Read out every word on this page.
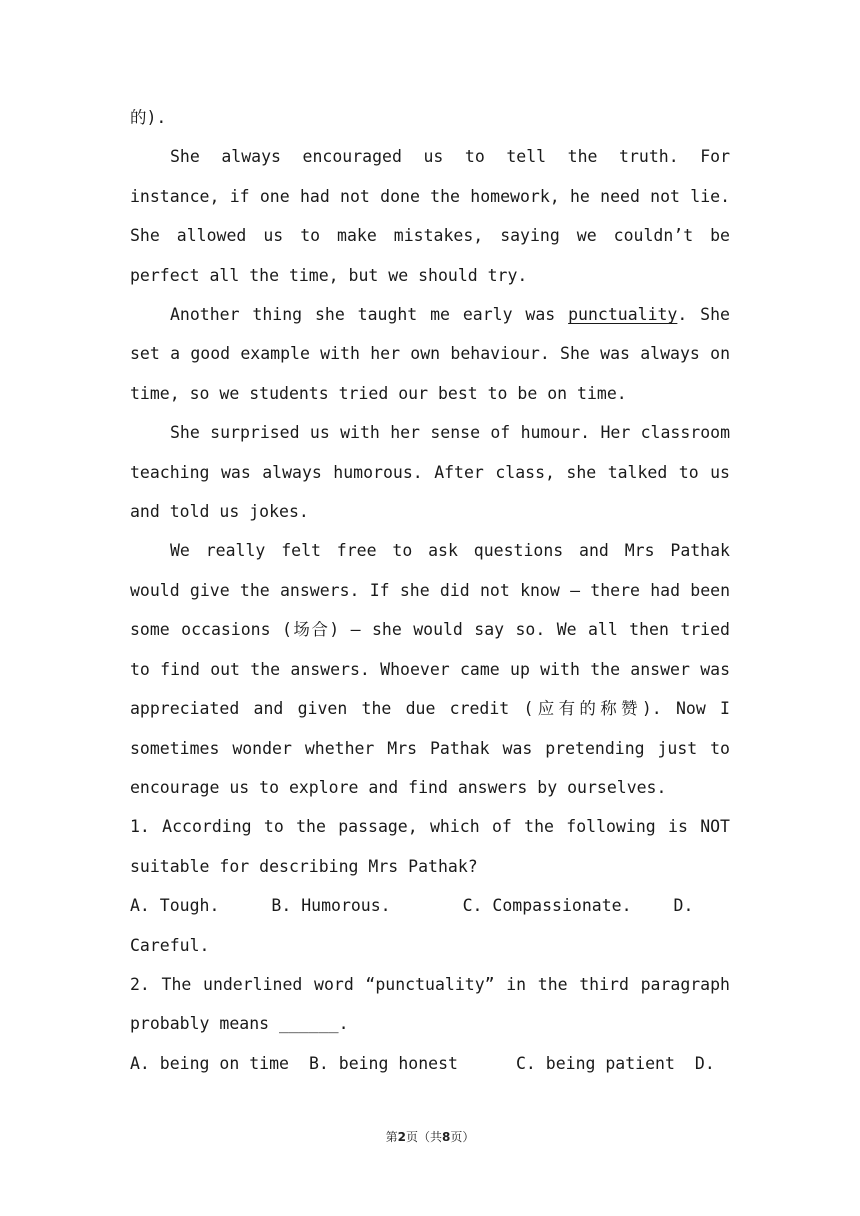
的).

She always encouraged us to tell the truth. For instance, if one had not done the homework, he need not lie. She allowed us to make mistakes, saying we couldn’t be perfect all the time, but we should try.

Another thing she taught me early was punctuality. She set a good example with her own behaviour. She was always on time, so we students tried our best to be on time.

She surprised us with her sense of humour. Her classroom teaching was always humorous. After class, she talked to us and told us jokes.

We really felt free to ask questions and Mrs Pathak would give the answers. If she did not know — there had been some occasions (场合) — she would say so. We all then tried to find out the answers. Whoever came up with the answer was appreciated and given the due credit (应有的称赞). Now I sometimes wonder whether Mrs Pathak was pretending just to encourage us to explore and find answers by ourselves.

1. According to the passage, which of the following is NOT suitable for describing Mrs Pathak?

A. Tough.	B. Humorous.	C. Compassionate.	D.

Careful.

2. The underlined word “punctuality” in the third paragraph probably means ______.

A. being on time B. being honest	C. being patient D.
第2页（共8页）
